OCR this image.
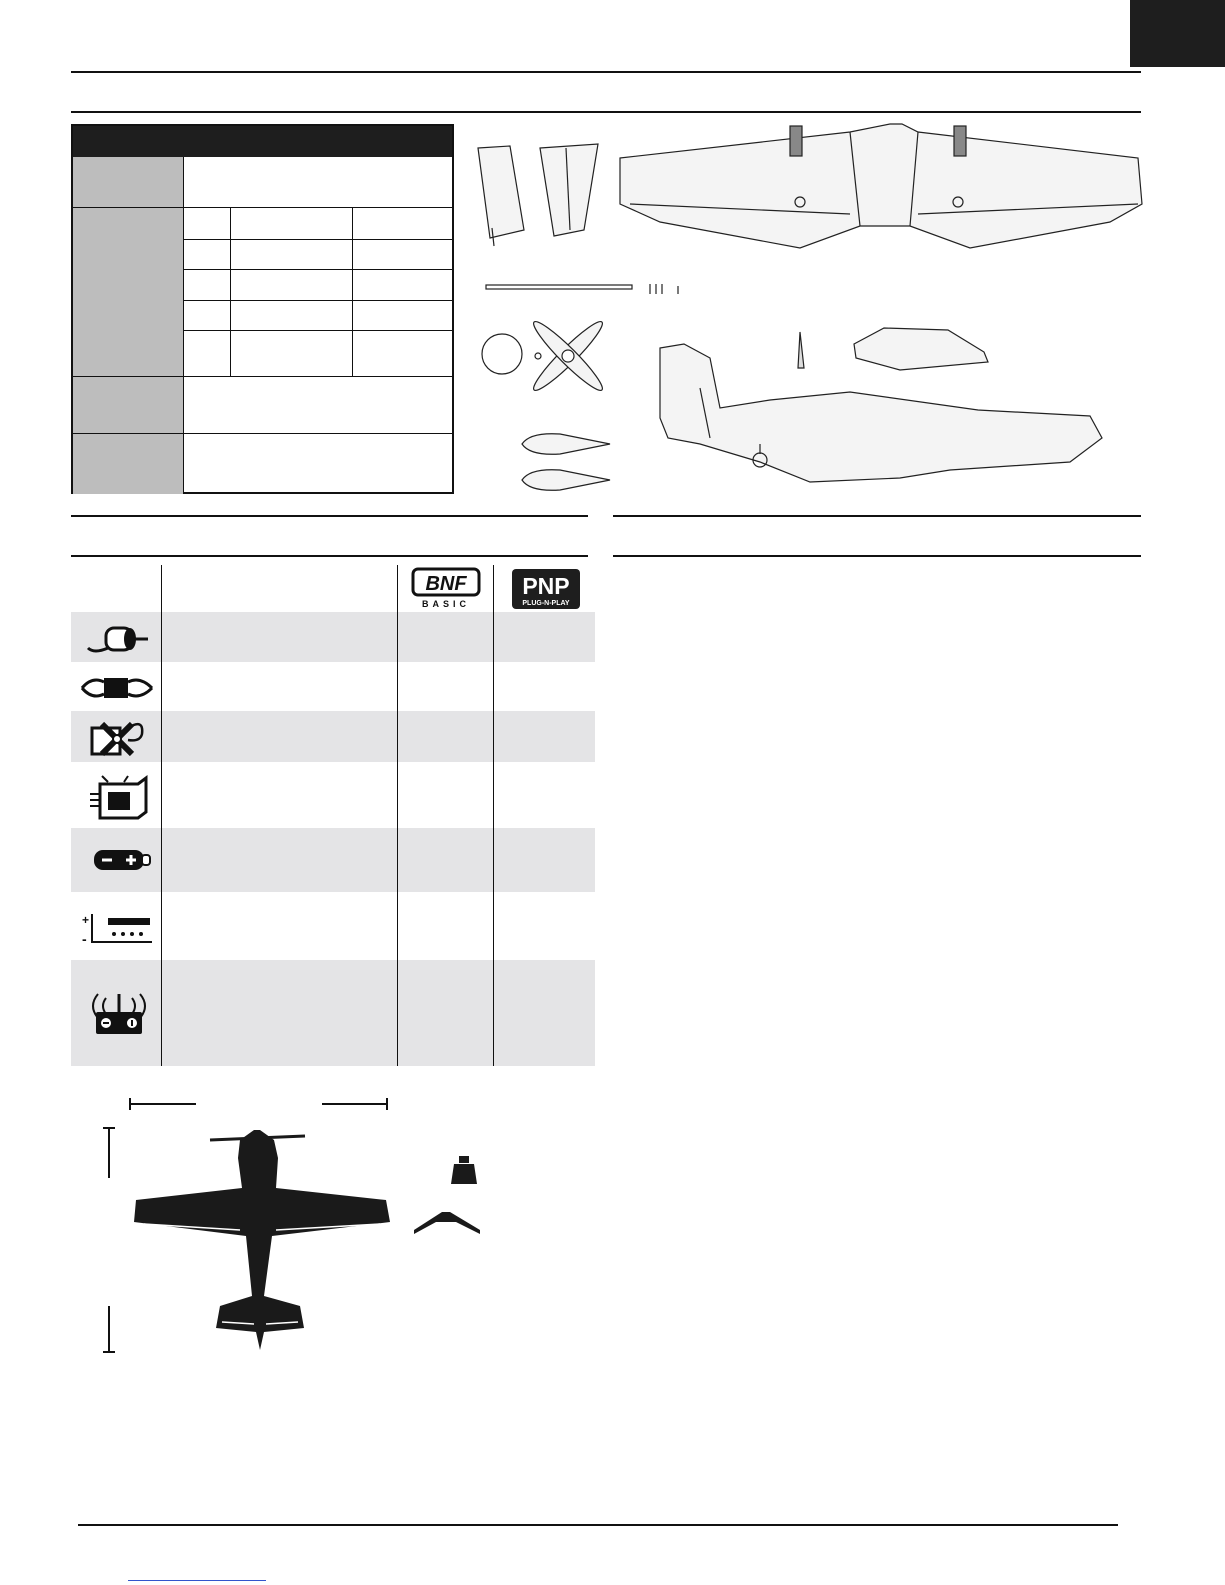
BNF
BASIC
PNP
PLUG-N-PLAY
+
-
